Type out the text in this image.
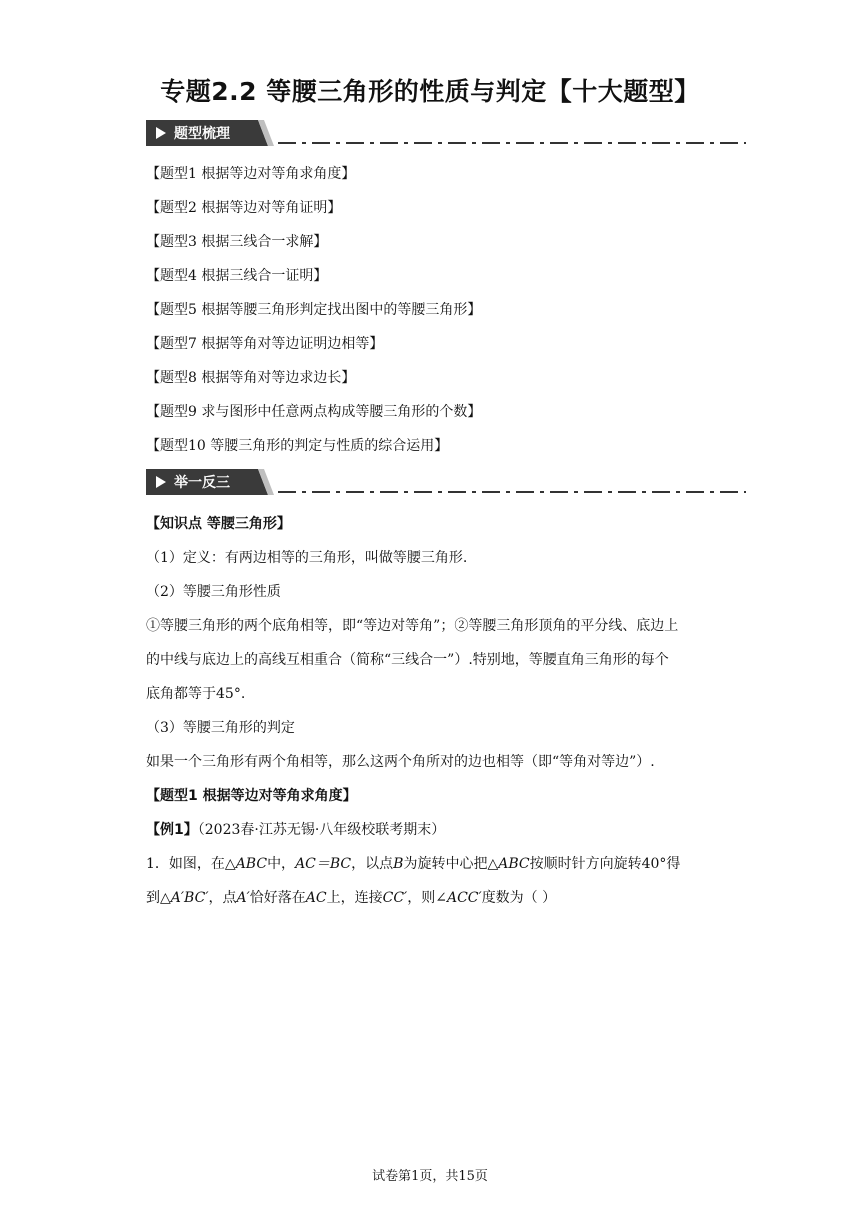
专题2.2 等腰三角形的性质与判定【十大题型】
题型梳理
【题型1 根据等边对等角求角度】
【题型2 根据等边对等角证明】
【题型3 根据三线合一求解】
【题型4 根据三线合一证明】
【题型5 根据等腰三角形判定找出图中的等腰三角形】
【题型7 根据等角对等边证明边相等】
【题型8 根据等角对等边求边长】
【题型9 求与图形中任意两点构成等腰三角形的个数】
【题型10 等腰三角形的判定与性质的综合运用】
举一反三
【知识点 等腰三角形】
（1）定义：有两边相等的三角形，叫做等腰三角形.
（2）等腰三角形性质
①等腰三角形的两个底角相等，即“等边对等角”；②等腰三角形顶角的平分线、底边上
的中线与底边上的高线互相重合（简称“三线合一”）.特别地，等腰直角三角形的每个
底角都等于45°.
（3）等腰三角形的判定
如果一个三角形有两个角相等，那么这两个角所对的边也相等（即“等角对等边”）.
【题型1 根据等边对等角求角度】
【例1】（2023春·江苏无锡·八年级校联考期末）
1．如图，在△ABC中，AC＝BC，以点B为旋转中心把△ABC按顺时针方向旋转40°得
到△A′BC′，点A′恰好落在AC上，连接CC′，则∠ACC′度数为（ ）
试卷第1页，共15页
